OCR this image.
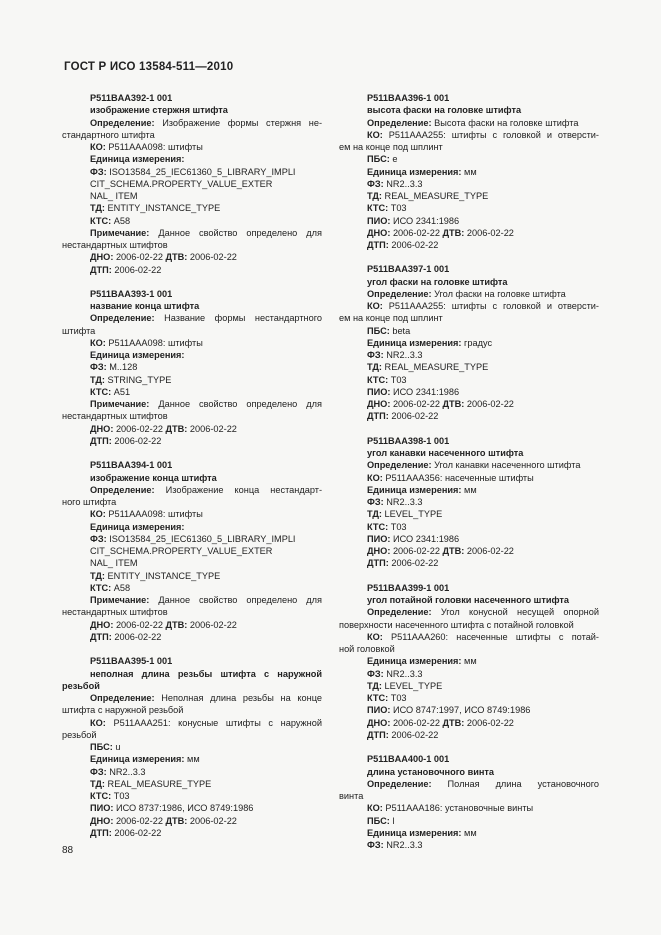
ГОСТ Р ИСО 13584-511—2010
P511BAA392-1 001
изображение стержня штифта
Определение: Изображение формы стержня не-
стандартного штифта
КО: P511AAA098: штифты
Единица измерения:
ФЗ: ISO13584_25_IEC61360_5_LIBRARY_IMPLI
CIT_SCHEMA.PROPERTY_VALUE_EXTER
NAL_ ITEM
ТД: ENTITY_INSTANCE_TYPE
КТС: A58
Примечание: Данное свойство определено для
нестандартных штифтов
ДНО: 2006-02-22 ДТВ: 2006-02-22
ДТП: 2006-02-22
P511BAA393-1 001
название конца штифта
Определение: Название формы нестандартного
штифта
КО: P511AAA098: штифты
Единица измерения:
ФЗ: M..128
ТД: STRING_TYPE
КТС: A51
Примечание: Данное свойство определено для
нестандартных штифтов
ДНО: 2006-02-22 ДТВ: 2006-02-22
ДТП: 2006-02-22
P511BAA394-1 001
изображение конца штифта
Определение: Изображение конца нестандарт-
ного штифта
КО: P511AAA098: штифты
Единица измерения:
ФЗ: ISO13584_25_IEC61360_5_LIBRARY_IMPLI
CIT_SCHEMA.PROPERTY_VALUE_EXTER
NAL_ ITEM
ТД: ENTITY_INSTANCE_TYPE
КТС: A58
Примечание: Данное свойство определено для
нестандартных штифтов
ДНО: 2006-02-22 ДТВ: 2006-02-22
ДТП: 2006-02-22
P511BAA395-1 001
неполная длина резьбы штифта с наружной
резьбой
Определение: Неполная длина резьбы на конце
штифта с наружной резьбой
КО: P511AAA251: конусные штифты с наружной
резьбой
ПБС: u
Единица измерения: мм
ФЗ: NR2..3.3
ТД: REAL_MEASURE_TYPE
КТС: T03
ПИО: ИСО 8737:1986, ИСО 8749:1986
ДНО: 2006-02-22 ДТВ: 2006-02-22
ДТП: 2006-02-22
P511BAA396-1 001
высота фаски на головке штифта
Определение: Высота фаски на головке штифта
КО: P511AAA255: штифты с головкой и отверсти-
ем на конце под шплинт
ПБС: e
Единица измерения: мм
ФЗ: NR2..3.3
ТД: REAL_MEASURE_TYPE
КТС: T03
ПИО: ИСО 2341:1986
ДНО: 2006-02-22 ДТВ: 2006-02-22
ДТП: 2006-02-22
P511BAA397-1 001
угол фаски на головке штифта
Определение: Угол фаски на головке штифта
КО: P511AAA255: штифты с головкой и отверсти-
ем на конце под шплинт
ПБС: beta
Единица измерения: градус
ФЗ: NR2..3.3
ТД: REAL_MEASURE_TYPE
КТС: T03
ПИО: ИСО 2341:1986
ДНО: 2006-02-22 ДТВ: 2006-02-22
ДТП: 2006-02-22
P511BAA398-1 001
угол канавки насеченного штифта
Определение: Угол канавки насеченного штифта
КО: P511AAA356: насеченные штифты
Единица измерения: мм
ФЗ: NR2..3.3
ТД: LEVEL_TYPE
КТС: T03
ПИО: ИСО 2341:1986
ДНО: 2006-02-22 ДТВ: 2006-02-22
ДТП: 2006-02-22
P511BAA399-1 001
угол потайной головки насеченного штифта
Определение: Угол конусной несущей опорной
поверхности насеченного штифта с потайной головкой
КО: P511AAA260: насеченные штифты с потай-
ной головкой
Единица измерения: мм
ФЗ: NR2..3.3
ТД: LEVEL_TYPE
КТС: T03
ПИО: ИСО 8747:1997, ИСО 8749:1986
ДНО: 2006-02-22 ДТВ: 2006-02-22
ДТП: 2006-02-22
P511BAA400-1 001
длина установочного винта
Определение: Полная длина установочного
винта
КО: P511AAA186: установочные винты
ПБС: l
Единица измерения: мм
ФЗ: NR2..3.3
88
